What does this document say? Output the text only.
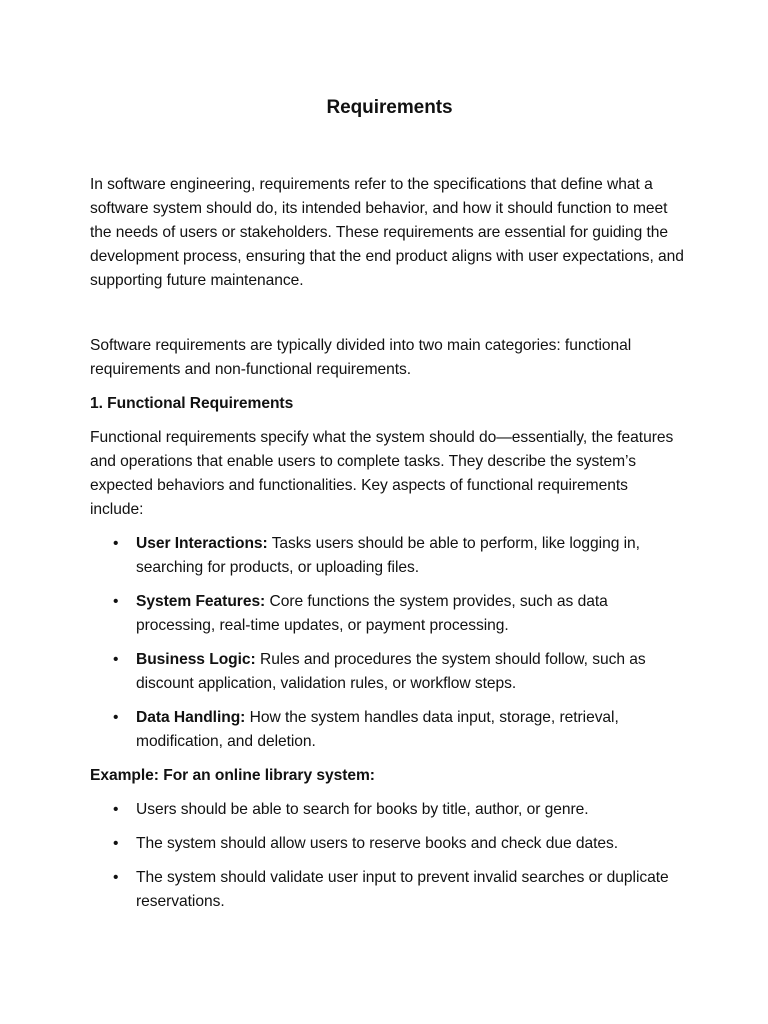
Requirements

In software engineering, requirements refer to the specifications that define what a software system should do, its intended behavior, and how it should function to meet the needs of users or stakeholders. These requirements are essential for guiding the development process, ensuring that the end product aligns with user expectations, and supporting future maintenance.

Software requirements are typically divided into two main categories: functional requirements and non-functional requirements.

1. Functional Requirements

Functional requirements specify what the system should do—essentially, the features and operations that enable users to complete tasks. They describe the system’s expected behaviors and functionalities. Key aspects of functional requirements include:

•	User Interactions: Tasks users should be able to perform, like logging in, searching for products, or uploading files.
•	System Features: Core functions the system provides, such as data processing, real-time updates, or payment processing.
•	Business Logic: Rules and procedures the system should follow, such as discount application, validation rules, or workflow steps.
•	Data Handling: How the system handles data input, storage, retrieval, modification, and deletion.

Example: For an online library system:

•	Users should be able to search for books by title, author, or genre.
•	The system should allow users to reserve books and check due dates.
•	The system should validate user input to prevent invalid searches or duplicate reservations.
